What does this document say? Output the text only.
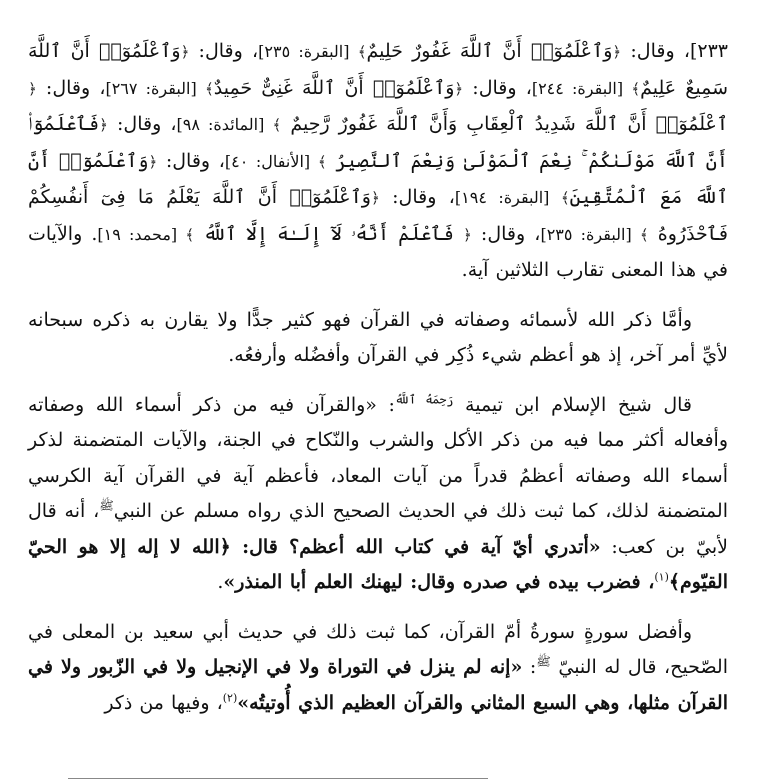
٢٣٣]، وقال: ﴿وَٱعْلَمُوٓا۟ أَنَّ ٱللَّهَ غَفُورٌ حَلِيمٌ﴾ [البقرة: ٢٣٥]، وقال: ﴿وَٱعْلَمُوٓا۟ أَنَّ ٱللَّهَ سَمِيعٌ عَلِيمٌ﴾ [البقرة: ٢٤٤]، وقال: ﴿وَٱعْلَمُوٓا۟ أَنَّ ٱللَّهَ غَنِىٌّ حَمِيدٌ﴾ [البقرة: ٢٦٧]، وقال: ﴿ ٱعْلَمُوٓا۟ أَنَّ ٱللَّهَ شَدِيدُ ٱلْعِقَابِ وَأَنَّ ٱللَّهَ غَفُورٌ رَّحِيمٌ ﴾ [المائدة: ٩٨]، وقال: ﴿فَٱعْلَمُوٓا۟ أَنَّ ٱللَّهَ مَوْلَىٰكُمْ ۚ نِعْمَ ٱلْمَوْلَىٰ وَنِعْمَ ٱلنَّصِيرُ ﴾ [الأنفال: ٤٠]، وقال: ﴿وَٱعْلَمُوٓا۟ أَنَّ ٱللَّهَ مَعَ ٱلْمُتَّقِينَ﴾ [البقرة: ١٩٤]، وقال: ﴿وَٱعْلَمُوٓا۟ أَنَّ ٱللَّهَ يَعْلَمُ مَا فِىٓ أَنفُسِكُمْ فَٱحْذَرُوهُ ﴾ [البقرة: ٢٣٥]، وقال: ﴿ فَٱعْلَمْ أَنَّهُۥ لَآ إِلَـٰهَ إِلَّا ٱللَّهُ ﴾ [محمد: ١٩]. والآيات في هذا المعنى تقارب الثلاثين آية.

وأمَّا ذكر الله لأسمائه وصفاته في القرآن فهو كثير جدًّا ولا يقارن به ذكره سبحانه لأيِّ أمر آخر، إذ هو أعظم شيء ذُكِر في القرآن وأفضُله وأرفعُه.

قال شيخ الإسلام ابن تيمية $^{رَحِمَهُ ٱللَّهُ}$: «والقرآن فيه من ذكر أسماء الله وصفاته وأفعاله أكثر مما فيه من ذكر الأكل والشرب والنّكاح في الجنة، والآيات المتضمنة لذكر أسماء الله وصفاته أعظمُ قدراً من آيات المعاد، فأعظم آية في القرآن آية الكرسي المتضمنة لذلك، كما ثبت ذلك في الحديث الصحيح الذي رواه مسلم عن النبي$^ﷺ$، أنه قال لأبيّ بن كعب: «أتدري أيّ آية في كتاب الله أعظم؟ قال: ﴿الله لا إله إلا هو الحيّ القيّوم﴾$^{(١)}$، فضرب بيده في صدره وقال: ليهنك العلم أبا المنذر».

وأفضل سورةٍ سورةُ أمّ القرآن، كما ثبت ذلك في حديث أبي سعيد بن المعلى في الصّحيح، قال له النبيّ $^ﷺ$: «إنه لم ينزل في التوراة ولا في الإنجيل ولا في الزّبور ولا في القرآن مثلها، وهي السبع المثاني والقرآن العظيم الذي أُوتيتُه»$^{(٢)}$، وفيها من ذكر
